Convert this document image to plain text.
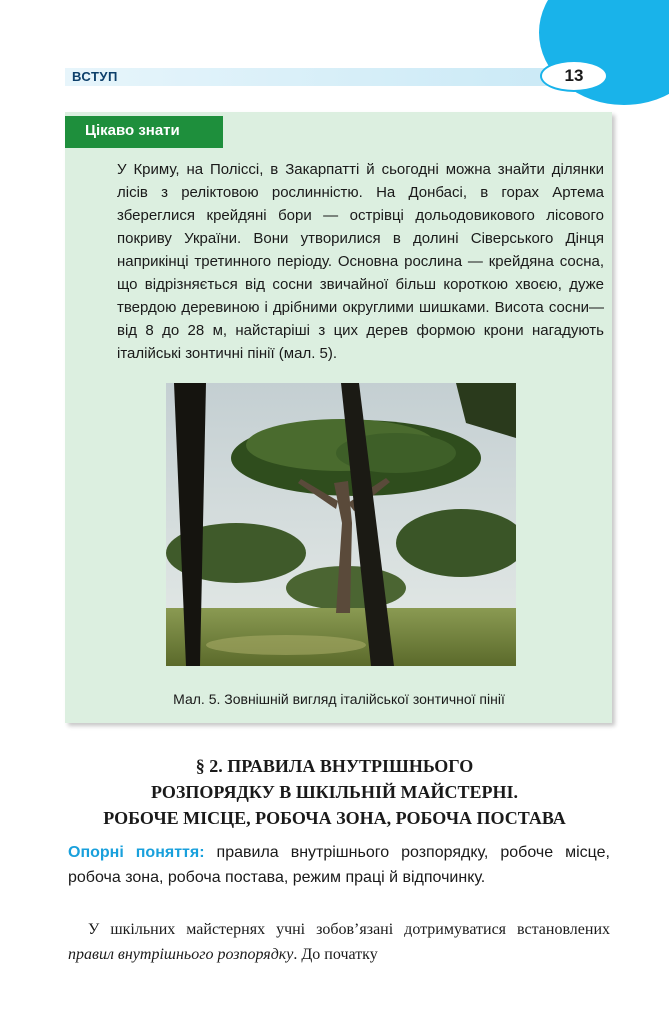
ВСТУП	13
Цікаво знати
У Криму, на Поліссі, в Закарпатті й сьогодні можна знайти ділянки лісів з реліктовою рослинністю. На Донбасі, в горах Артема збереглися крейдяні бори — острівці дольодовикового лісового покриву України. Вони утворилися в долині Сіверського Дінця наприкінці третинного періоду. Основна рослина — крейдяна сосна, що відрізняється від сосни звичайної більш короткою хвоєю, дуже твердою деревиною і дрібними округлими шишками. Висота сосни— від 8 до 28 м, найстаріші з цих дерев формою крони нагадують італійські зонтичні пінії (мал. 5).
Мал. 5. Зовнішній вигляд італійської зонтичної пінії
§ 2. ПРАВИЛА ВНУТРІШНЬОГО
РОЗПОРЯДКУ В ШКІЛЬНІЙ МАЙСТЕРНІ.
РОБОЧЕ МІСЦЕ, РОБОЧА ЗОНА, РОБОЧА ПОСТАВА
Опорні поняття: правила внутрішнього розпорядку, робоче місце, робоча зона, робоча постава, режим праці й відпочинку.
У шкільних майстернях учні зобов’язані дотримуватися встановлених правил внутрішнього розпорядку. До початку
